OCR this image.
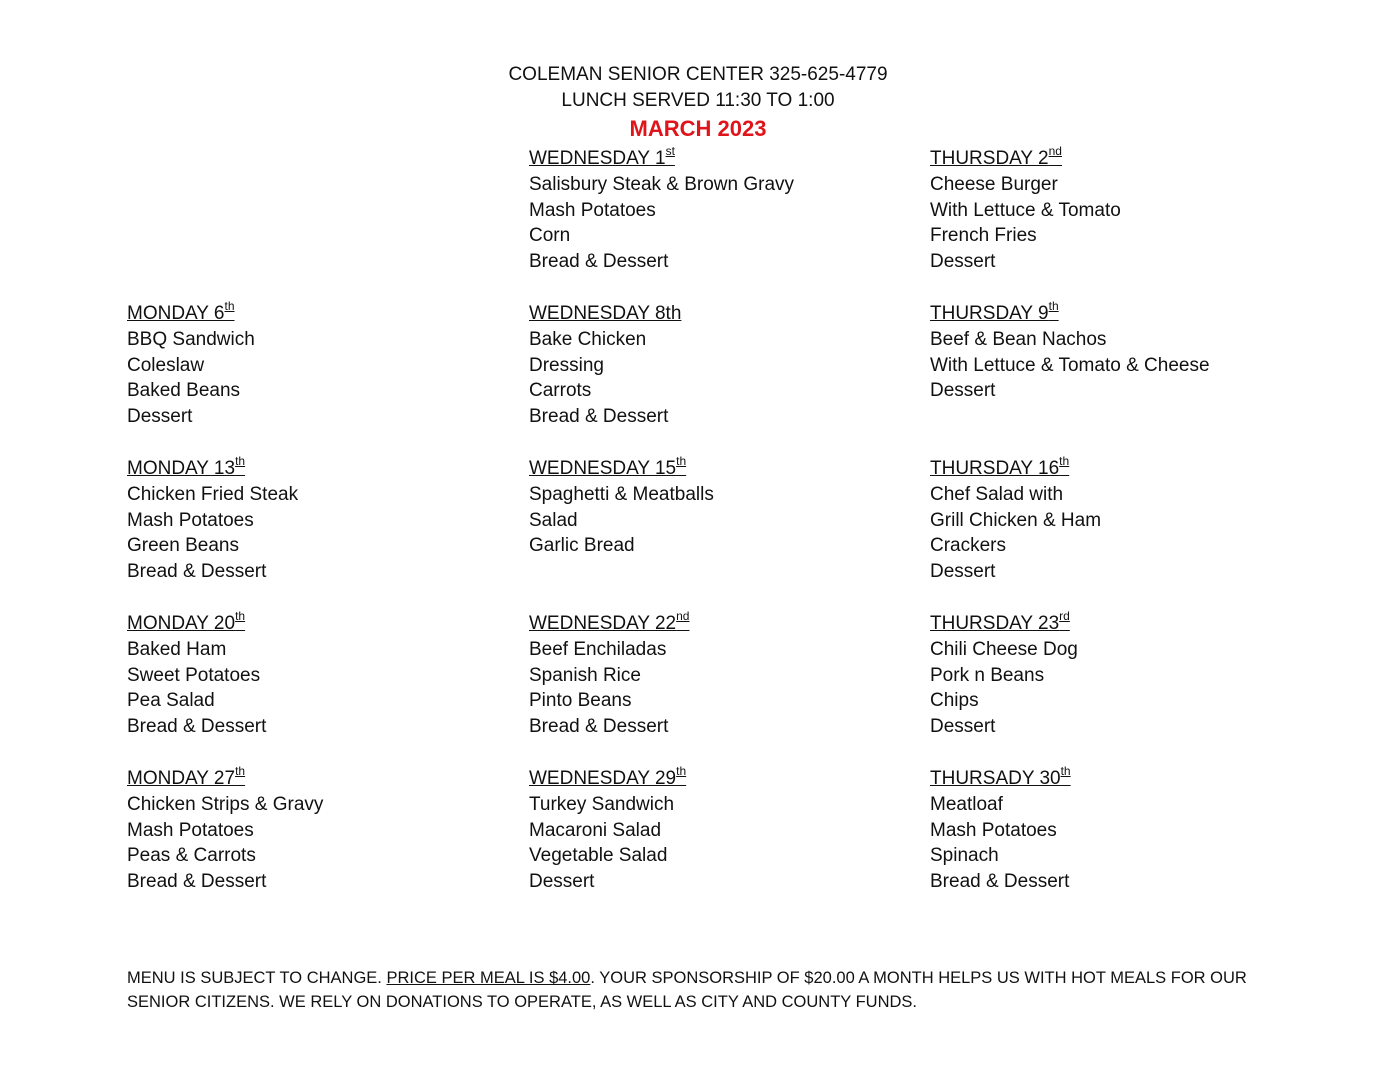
COLEMAN SENIOR CENTER 325-625-4779
LUNCH SERVED 11:30 TO 1:00
MARCH 2023
MONDAY 6th
BBQ Sandwich
Coleslaw
Baked Beans
Dessert
MONDAY 13th
Chicken Fried Steak
Mash Potatoes
Green Beans
Bread & Dessert
MONDAY 20th
Baked Ham
Sweet Potatoes
Pea Salad
Bread & Dessert
MONDAY 27th
Chicken Strips & Gravy
Mash Potatoes
Peas & Carrots
Bread & Dessert
WEDNESDAY 1st
Salisbury Steak & Brown Gravy
Mash Potatoes
Corn
Bread & Dessert
WEDNESDAY 8th
Bake Chicken
Dressing
Carrots
Bread & Dessert
WEDNESDAY 15th
Spaghetti & Meatballs
Salad
Garlic Bread
WEDNESDAY 22nd
Beef Enchiladas
Spanish Rice
Pinto Beans
Bread & Dessert
WEDNESDAY 29th
Turkey Sandwich
Macaroni Salad
Vegetable Salad
Dessert
THURSDAY 2nd
Cheese Burger
With Lettuce & Tomato
French Fries
Dessert
THURSDAY 9th
Beef & Bean Nachos
With Lettuce & Tomato & Cheese
Dessert
THURSDAY 16th
Chef Salad with
Grill Chicken & Ham
Crackers
Dessert
THURSDAY 23rd
Chili Cheese Dog
Pork n Beans
Chips
Dessert
THURSADY 30th
Meatloaf
Mash Potatoes
Spinach
Bread & Dessert
MENU IS SUBJECT TO CHANGE. PRICE PER MEAL IS $4.00. YOUR SPONSORSHIP OF $20.00 A MONTH HELPS US WITH HOT MEALS FOR OUR SENIOR CITIZENS. WE RELY ON DONATIONS TO OPERATE, AS WELL AS CITY AND COUNTY FUNDS.
